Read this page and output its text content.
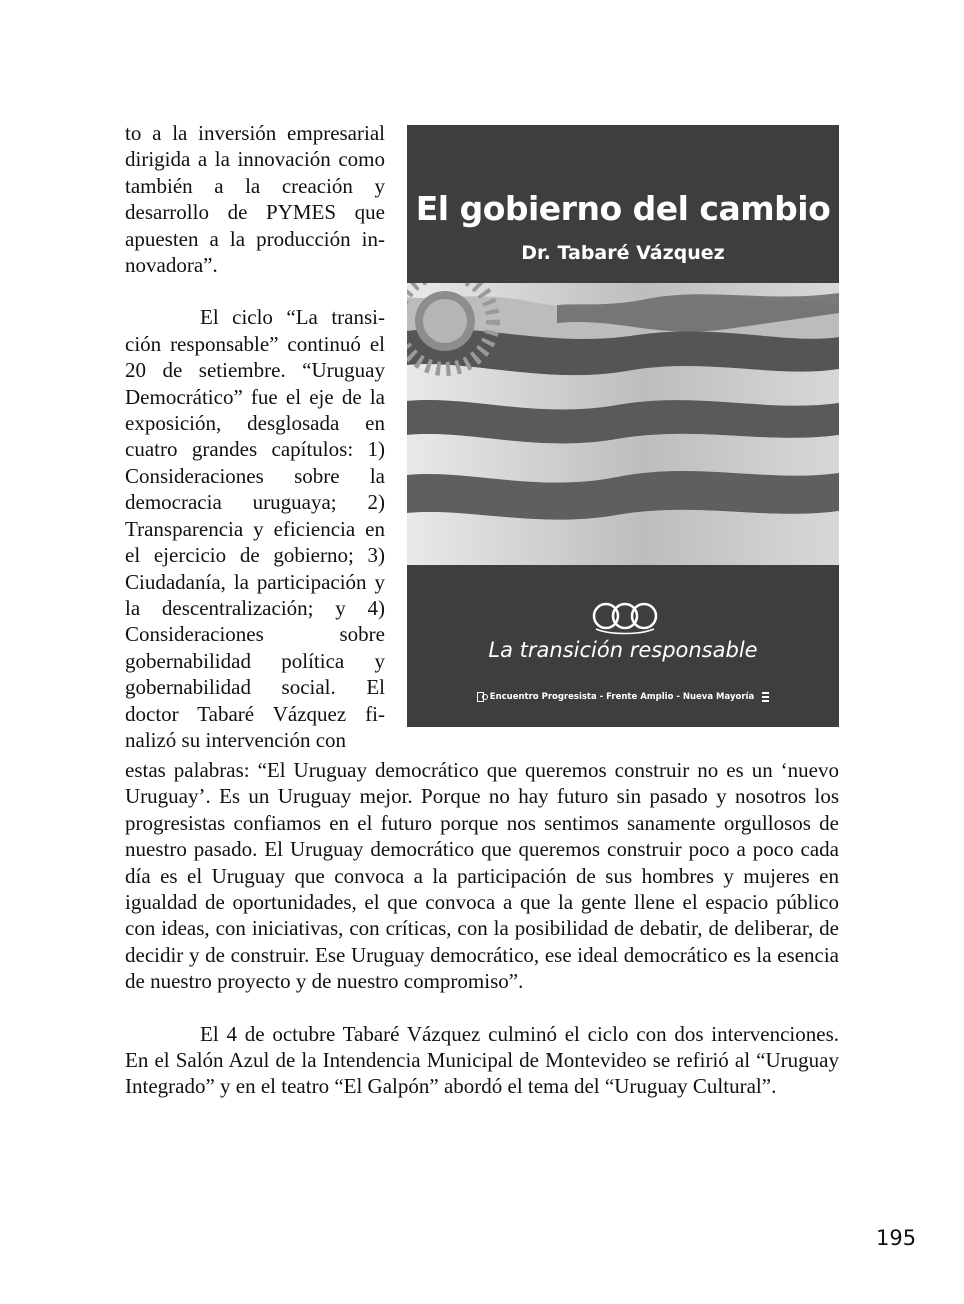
to a la inversión empresarial dirigida a la innovación como también a la creación y desarrollo de PYMES que apuesten a la producción innovadora”.

El ciclo “La transición responsable” continuó el 20 de setiembre. “Uruguay Democrático” fue el eje de la exposición, desglosada en cuatro grandes capítulos: 1) Consideraciones sobre la democracia uruguaya; 2) Transparencia y eficiencia en el ejercicio de gobierno; 3) Ciudadanía, la participación y la descentralización; y 4) Consideraciones sobre gobernabilidad política y gobernabilidad social. El doctor Tabaré Vázquez finalizó su intervención con

El gobierno del cambio
Dr. Tabaré Vázquez
La transición responsable
Encuentro Progresista - Frente Amplio - Nueva Mayoría

estas palabras: “El Uruguay democrático que queremos construir no es un ‘nuevo Uruguay’. Es un Uruguay mejor. Porque no hay futuro sin pasado y nosotros los progresistas confiamos en el futuro porque nos sentimos sanamente orgullosos de nuestro pasado. El Uruguay democrático que queremos construir poco a poco cada día es el Uruguay que convoca a la participación de sus hombres y mujeres en igualdad de oportunidades, el que convoca a que la gente llene el espacio público con ideas, con iniciativas, con críticas, con la posibilidad de debatir, de deliberar, de decidir y de construir. Ese Uruguay democrático, ese ideal democrático es la esencia de nuestro proyecto y de nuestro compromiso”.

El 4 de octubre Tabaré Vázquez culminó el ciclo con dos intervenciones. En el Salón Azul de la Intendencia Municipal de Montevideo se refirió al “Uruguay Integrado” y en el teatro “El Galpón” abordó el tema del “Uruguay Cultural”.

195
